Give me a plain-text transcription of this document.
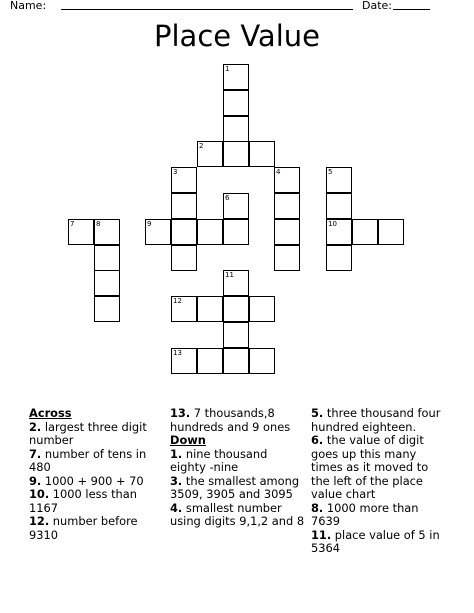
Name:	Date:
Place Value
1
2
3	4	5
6
7	8	9	10
11
12
13
Across
2. largest three digit number
7. number of tens in 480
9. 1000 + 900 + 70
10. 1000 less than 1167
12. number before 9310
13. 7 thousands,8 hundreds and 9 ones
Down
1. nine thousand eighty -nine
3. the smallest among 3509, 3905 and 3095
4. smallest number using digits 9,1,2 and 8
5. three thousand four hundred eighteen.
6. the value of digit goes up this many times as it moved to the left of the place value chart
8. 1000 more than 7639
11. place value of 5 in 5364
